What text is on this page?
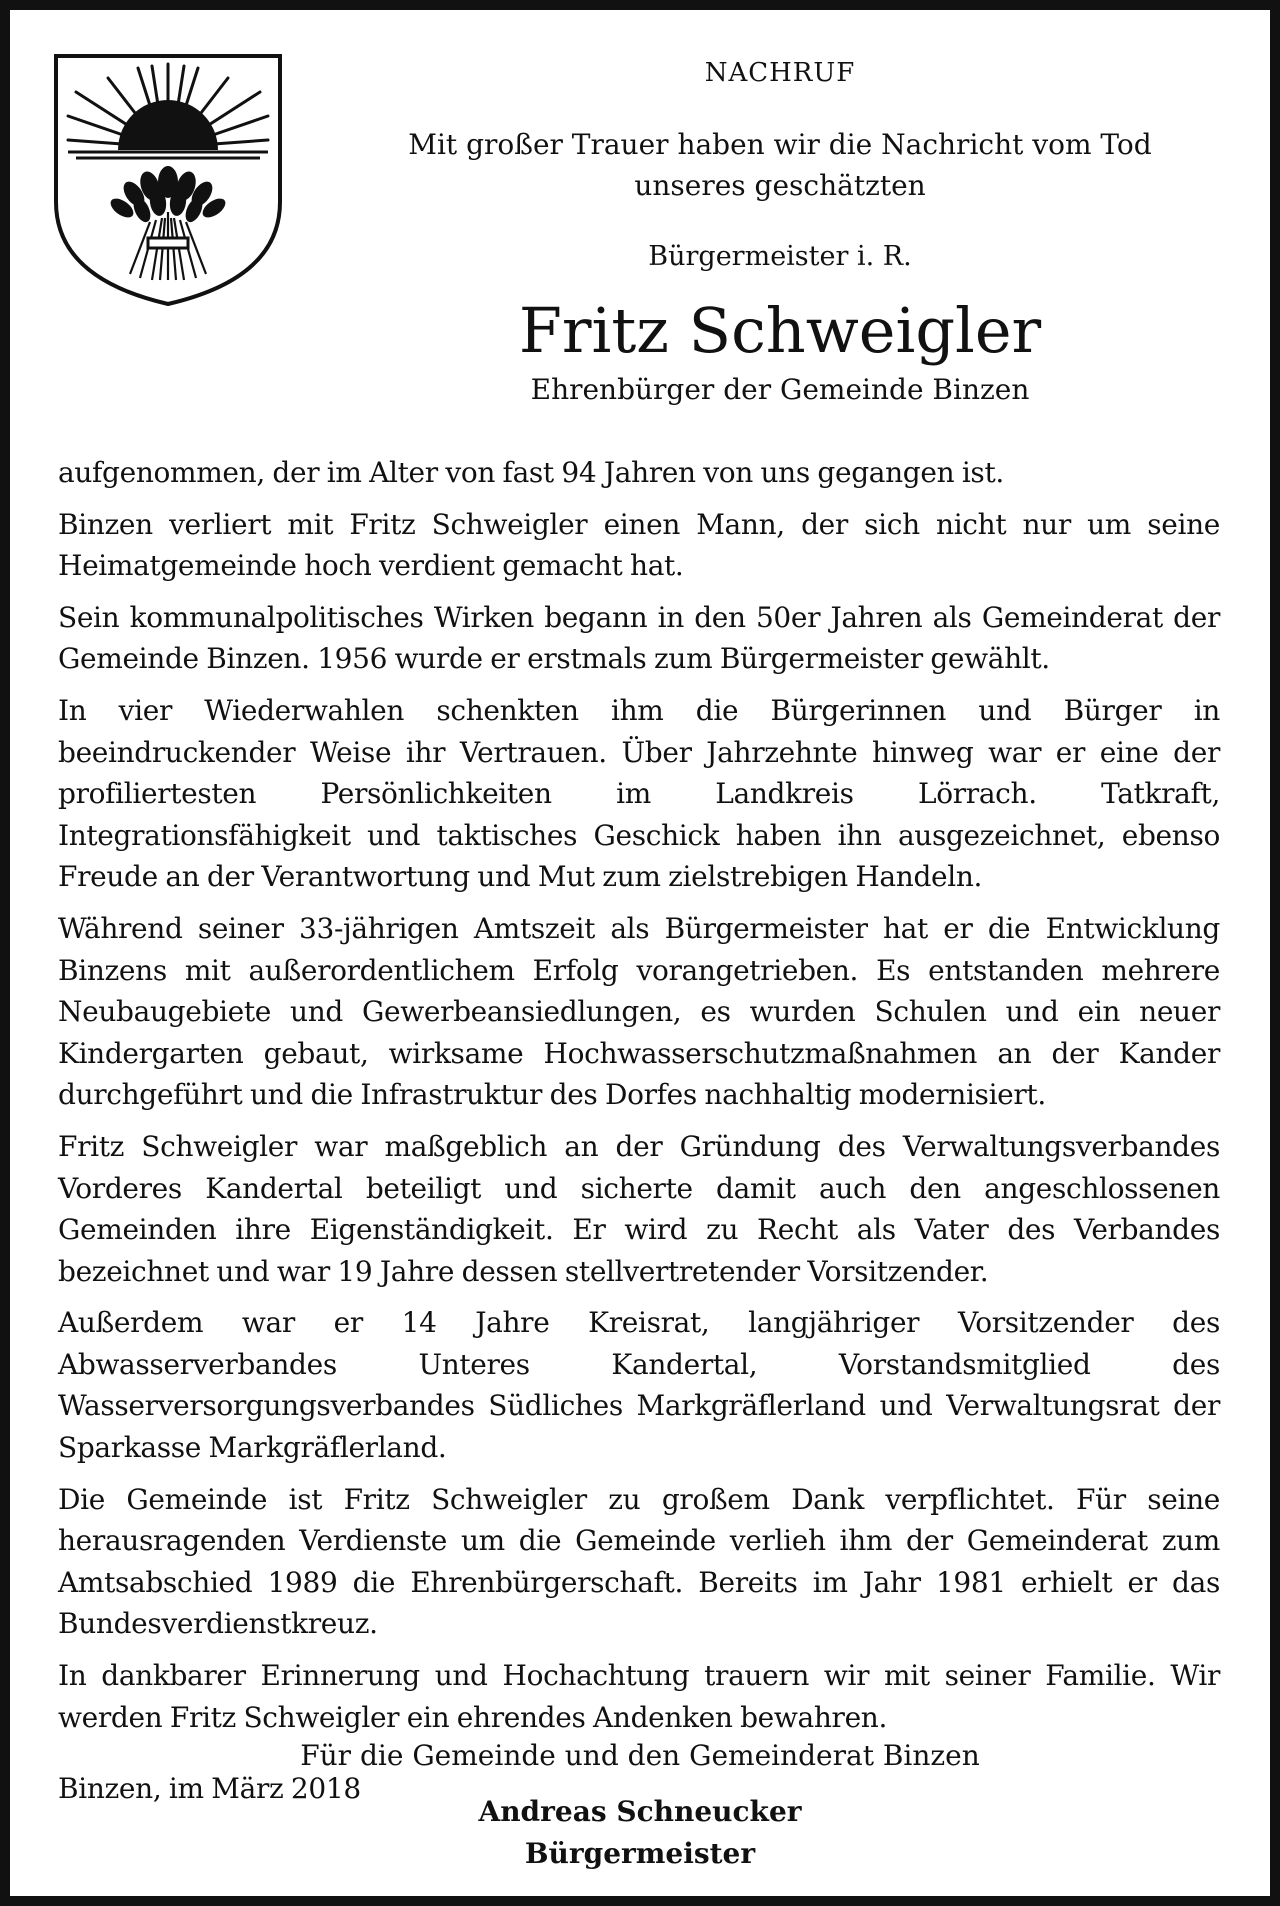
NACHRUF
Mit großer Trauer haben wir die Nachricht vom Tod
unseres geschätzten
Bürgermeister i. R.
Fritz Schweigler
Ehrenbürger der Gemeinde Binzen

aufgenommen, der im Alter von fast 94 Jahren von uns gegangen ist.

Binzen verliert mit Fritz Schweigler einen Mann, der sich nicht nur um seine Heimatgemeinde hoch verdient gemacht hat.

Sein kommunalpolitisches Wirken begann in den 50er Jahren als Gemeinderat der Gemeinde Binzen. 1956 wurde er erstmals zum Bürgermeister gewählt.

In vier Wiederwahlen schenkten ihm die Bürgerinnen und Bürger in beeindruckender Weise ihr Vertrauen. Über Jahrzehnte hinweg war er eine der profiliertesten Persönlichkeiten im Landkreis Lörrach. Tatkraft, Integrationsfähigkeit und taktisches Geschick haben ihn ausgezeichnet, ebenso Freude an der Verantwortung und Mut zum zielstrebigen Handeln.

Während seiner 33-jährigen Amtszeit als Bürgermeister hat er die Entwicklung Binzens mit außerordentlichem Erfolg vorangetrieben. Es entstanden mehrere Neubaugebiete und Gewerbeansiedlungen, es wurden Schulen und ein neuer Kindergarten gebaut, wirksame Hochwasserschutzmaßnahmen an der Kander durchgeführt und die Infrastruktur des Dorfes nachhaltig modernisiert.

Fritz Schweigler war maßgeblich an der Gründung des Verwaltungsverbandes Vorderes Kandertal beteiligt und sicherte damit auch den angeschlossenen Gemeinden ihre Eigenständigkeit. Er wird zu Recht als Vater des Verbandes bezeichnet und war 19 Jahre dessen stellvertretender Vorsitzender.

Außerdem war er 14 Jahre Kreisrat, langjähriger Vorsitzender des Abwasserverbandes Unteres Kandertal, Vorstandsmitglied des Wasserversorgungsverbandes Südliches Markgräflerland und Verwaltungsrat der Sparkasse Markgräflerland.

Die Gemeinde ist Fritz Schweigler zu großem Dank verpflichtet. Für seine herausragenden Verdienste um die Gemeinde verlieh ihm der Gemeinderat zum Amtsabschied 1989 die Ehrenbürgerschaft. Bereits im Jahr 1981 erhielt er das Bundesverdienstkreuz.

In dankbarer Erinnerung und Hochachtung trauern wir mit seiner Familie. Wir werden Fritz Schweigler ein ehrendes Andenken bewahren.

Binzen, im März 2018

Für die Gemeinde und den Gemeinderat Binzen
Andreas Schneucker
Bürgermeister
